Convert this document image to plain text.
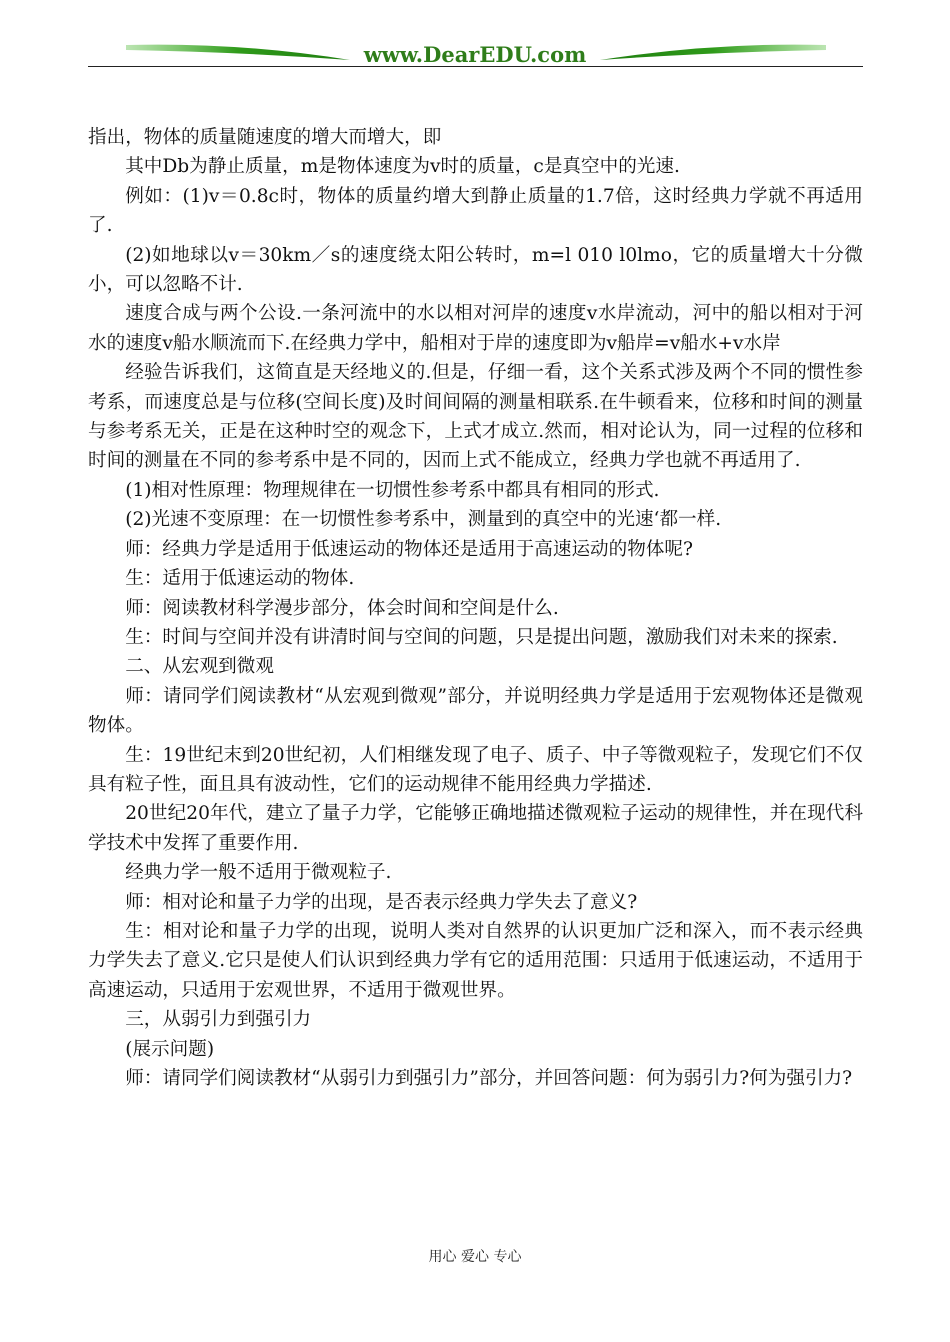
www.DearEDU.com

指出，物体的质量随速度的增大而增大，即

其中Db为静止质量，m是物体速度为v时的质量，c是真空中的光速.

例如：(1)v＝0.8c时，物体的质量约增大到静止质量的1.7倍，这时经典力学就不再适用了.

(2)如地球以v＝30km／s的速度绕太阳公转时，m=l 010 l0lmo，它的质量增大十分微小，可以忽略不计.

速度合成与两个公设.一条河流中的水以相对河岸的速度v水岸流动，河中的船以相对于河水的速度v船水顺流而下.在经典力学中，船相对于岸的速度即为v船岸=v船水+v水岸

经验告诉我们，这简直是天经地义的.但是，仔细一看，这个关系式涉及两个不同的惯性参考系，而速度总是与位移(空间长度)及时间间隔的测量相联系.在牛顿看来，位移和时间的测量与参考系无关，正是在这种时空的观念下，上式才成立.然而，相对论认为，同一过程的位移和时间的测量在不同的参考系中是不同的，因而上式不能成立，经典力学也就不再适用了.

(1)相对性原理：物理规律在一切惯性参考系中都具有相同的形式.

(2)光速不变原理：在一切惯性参考系中，测量到的真空中的光速‘都一样.

师：经典力学是适用于低速运动的物体还是适用于高速运动的物体呢?

生：适用于低速运动的物体.

师：阅读教材科学漫步部分，体会时间和空间是什么.

生：时间与空间并没有讲清时间与空间的问题，只是提出问题，激励我们对未来的探索.

二、从宏观到微观

师：请同学们阅读教材“从宏观到微观”部分，并说明经典力学是适用于宏观物体还是微观物体。

生：19世纪末到20世纪初，人们相继发现了电子、质子、中子等微观粒子，发现它们不仅具有粒子性，面且具有波动性，它们的运动规律不能用经典力学描述.

20世纪20年代，建立了量子力学，它能够正确地描述微观粒子运动的规律性，并在现代科学技术中发挥了重要作用.

经典力学一般不适用于微观粒子.

师：相对论和量子力学的出现，是否表示经典力学失去了意义?

生：相对论和量子力学的出现，说明人类对自然界的认识更加广泛和深入，而不表示经典力学失去了意义.它只是使人们认识到经典力学有它的适用范围：只适用于低速运动，不适用于高速运动，只适用于宏观世界，不适用于微观世界。

三，从弱引力到强引力

(展示问题)

师：请同学们阅读教材“从弱引力到强引力”部分，并回答问题：何为弱引力?何为强引力?

用心 爱心 专心
